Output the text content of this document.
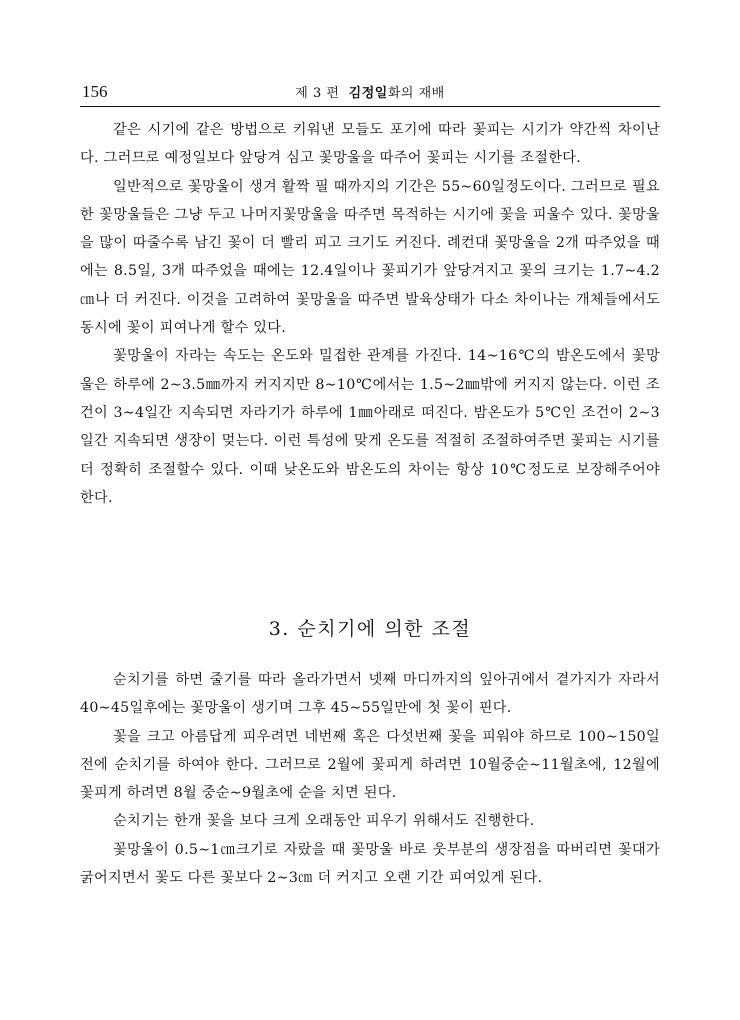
156	제 3 편 김정일화의 재배

같은 시기에 같은 방법으로 키워낸 모들도 포기에 따라 꽃피는 시기가 약간씩 차이난다. 그러므로 예정일보다 앞당겨 심고 꽃망울을 따주어 꽃피는 시기를 조절한다.

일반적으로 꽃망울이 생겨 활짝 필 때까지의 기간은 55∼60일정도이다. 그러므로 필요한 꽃망울들은 그냥 두고 나머지꽃망울을 따주면 목적하는 시기에 꽃을 피울수 있다. 꽃망울을 많이 따줄수록 남긴 꽃이 더 빨리 피고 크기도 커진다. 례컨대 꽃망울을 2개 따주었을 때에는 8.5일, 3개 따주었을 때에는 12.4일이나 꽃피기가 앞당겨지고 꽃의 크기는 1.7∼4.2㎝나 더 커진다. 이것을 고려하여 꽃망울을 따주면 발육상태가 다소 차이나는 개체들에서도 동시에 꽃이 피여나게 할수 있다.

꽃망울이 자라는 속도는 온도와 밀접한 관계를 가진다. 14∼16℃의 밤온도에서 꽃망울은 하루에 2∼3.5㎜까지 커지지만 8∼10℃에서는 1.5∼2㎜밖에 커지지 않는다. 이런 조건이 3∼4일간 지속되면 자라기가 하루에 1㎜아래로 떠진다. 밤온도가 5℃인 조건이 2∼3일간 지속되면 생장이 멎는다. 이런 특성에 맞게 온도를 적절히 조절하여주면 꽃피는 시기를 더 정확히 조절할수 있다. 이때 낮온도와 밤온도의 차이는 항상 10℃정도로 보장해주어야 한다.

3. 순치기에 의한 조절

순치기를 하면 줄기를 따라 올라가면서 넷째 마디까지의 잎아귀에서 곁가지가 자라서 40∼45일후에는 꽃망울이 생기며 그후 45∼55일만에 첫 꽃이 핀다.

꽃을 크고 아름답게 피우려면 네번째 혹은 다섯번째 꽃을 피워야 하므로 100∼150일전에 순치기를 하여야 한다. 그러므로 2월에 꽃피게 하려면 10월중순∼11월초에, 12월에 꽃피게 하려면 8월 중순∼9월초에 순을 치면 된다.

순치기는 한개 꽃을 보다 크게 오래동안 피우기 위해서도 진행한다.

꽃망울이 0.5∼1㎝크기로 자랐을 때 꽃망울 바로 웃부분의 생장점을 따버리면 꽃대가 굵어지면서 꽃도 다른 꽃보다 2∼3㎝ 더 커지고 오랜 기간 피여있게 된다.
